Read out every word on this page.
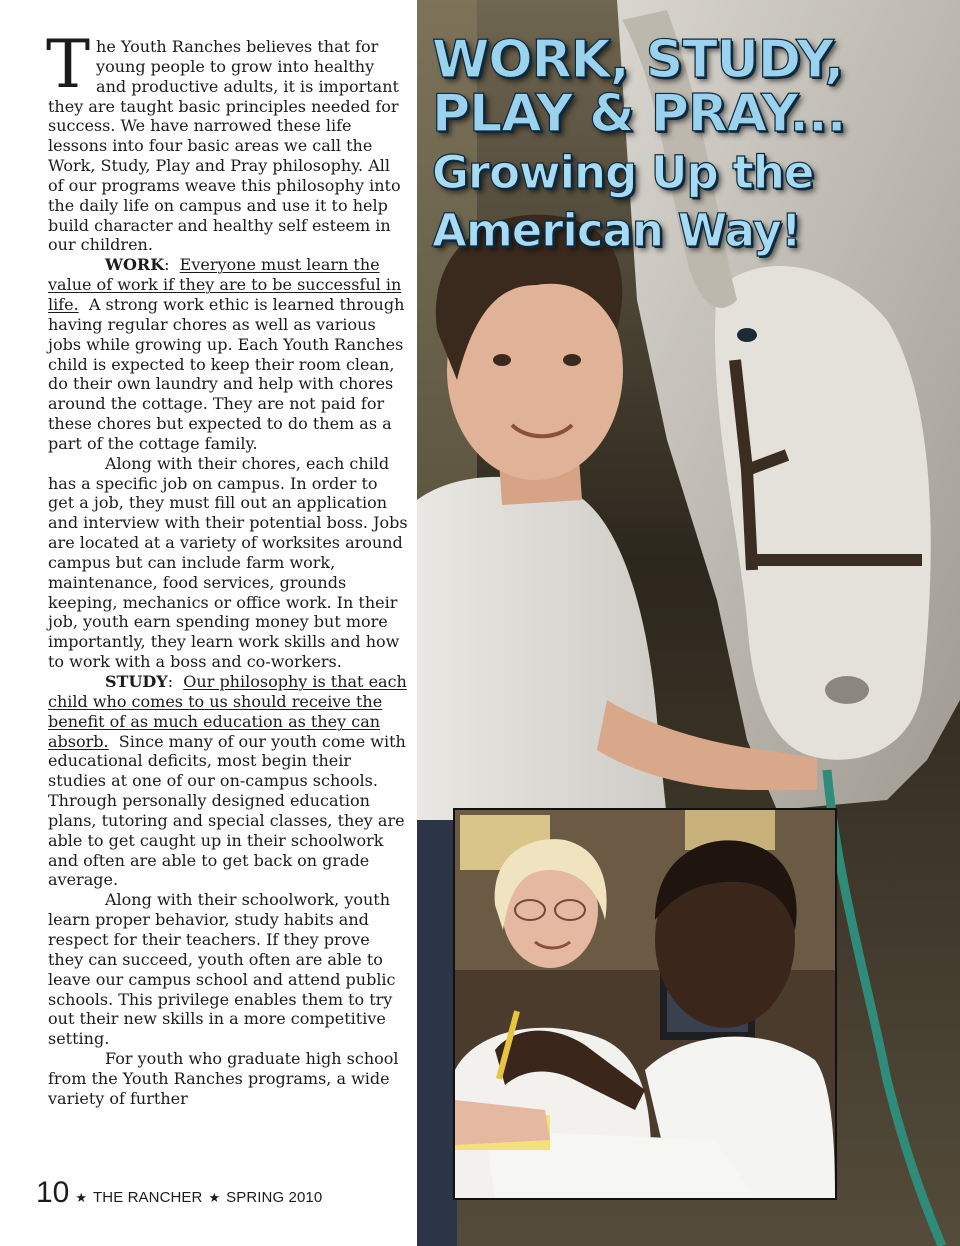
The Youth Ranches believes that for young people to grow into healthy and productive adults, it is important they are taught basic principles needed for success. We have narrowed these life lessons into four basic areas we call the Work, Study, Play and Pray philosophy. All of our programs weave this philosophy into the daily life on campus and use it to help build character and healthy self esteem in our children.

WORK:  Everyone must learn the value of work if they are to be successful in life. A strong work ethic is learned through having regular chores as well as various jobs while growing up. Each Youth Ranches child is expected to keep their room clean, do their own laundry and help with chores around the cottage. They are not paid for these chores but expected to do them as a part of the cottage family.

Along with their chores, each child has a specific job on campus. In order to get a job, they must fill out an application and interview with their potential boss. Jobs are located at a variety of worksites around campus but can include farm work, maintenance, food services, grounds keeping, mechanics or office work. In their job, youth earn spending money but more importantly, they learn work skills and how to work with a boss and co-workers.

STUDY:  Our philosophy is that each child who comes to us should receive the benefit of as much education as they can absorb. Since many of our youth come with educational deficits, most begin their studies at one of our on-campus schools. Through personally designed education plans, tutoring and special classes, they are able to get caught up in their schoolwork and often are able to get back on grade average.

Along with their schoolwork, youth learn proper behavior, study habits and respect for their teachers. If they prove they can succeed, youth often are able to leave our campus school and attend public schools. This privilege enables them to try out their new skills in a more competitive setting.

For youth who graduate high school from the Youth Ranches programs, a wide variety of further

10 ★ THE RANCHER ★ SPRING 2010
WORK, STUDY,
PLAY & PRAY...
Growing Up the
American Way!
